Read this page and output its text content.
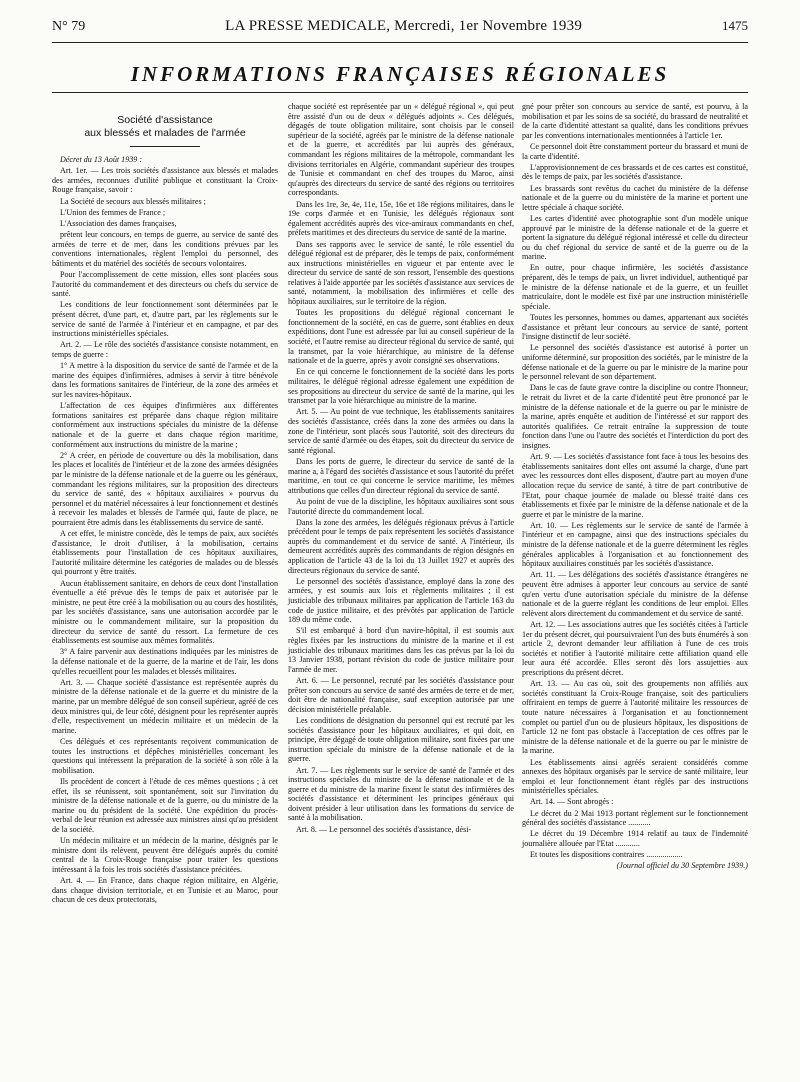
N° 79	LA PRESSE MEDICALE, Mercredi, 1er Novembre 1939	1475
INFORMATIONS FRANÇAISES RÉGIONALES
Société d'assistance
aux blessés et malades de l'armée

Décret du 13 Août 1939 :

Art. 1er. — Les trois sociétés d'assistance aux blessés et malades des armées, reconnues d'utilité publique et constituant la Croix-Rouge française, savoir :

La Société de secours aux blessés militaires ;

L'Union des femmes de France ;

L'Association des dames françaises,

prêtent leur concours, en temps de guerre, au service de santé des armées de terre et de mer, dans les conditions prévues par les conventions internationales, règlent l'emploi du personnel, des bâtiments et du matériel des sociétés de secours volontaires.

Pour l'accomplissement de cette mission, elles sont placées sous l'autorité du commandement et des directeurs ou chefs du service de santé.

Les conditions de leur fonctionnement sont déterminées par le présent décret, d'une part, et, d'autre part, par les règlements sur le service de santé de l'armée à l'intérieur et en campagne, et par des instructions ministérielles spéciales.

Art. 2. — Le rôle des sociétés d'assistance consiste notamment, en temps de guerre :

1° A mettre à la disposition du service de santé de l'armée et de la marine des équipes d'infirmières, admises à servir à titre bénévole dans les formations sanitaires de l'intérieur, de la zone des armées et sur les navires-hôpitaux.

L'affectation de ces équipes d'infirmières aux différentes formations sanitaires est préparée dans chaque région militaire conformément aux instructions spéciales du ministre de la défense nationale et de la guerre et dans chaque région maritime, conformément aux instructions du ministre de la marine ;

2° A créer, en période de couverture ou dès la mobilisation, dans les places et localités de l'intérieur et de la zone des armées désignées par le ministre de la défense nationale et de la guerre ou les généraux, commandant les régions militaires, sur la proposition des directeurs du service de santé, des « hôpitaux auxiliaires » pourvus du personnel et du matériel nécessaires à leur fonctionnement et destinés à recevoir les malades et blessés de l'armée qui, faute de place, ne pourraient être admis dans les établissements du service de santé.

A cet effet, le ministre concède, dès le temps de paix, aux sociétés d'assistance, le droit d'utiliser, à la mobilisation, certains établissements pour l'installation de ces hôpitaux auxiliaires, l'autorité militaire détermine les catégories de malades ou de blessés qui pourront y être traités.

Aucun établissement sanitaire, en dehors de ceux dont l'installation éventuelle a été prévue dès le temps de paix et autorisée par le ministre, ne peut être créé à la mobilisation ou au cours des hostilités, par les sociétés d'assistance, sans une autorisation accordée par le ministre ou le commandement militaire, sur la proposition du directeur du service de santé du ressort. La fermeture de ces établissements est soumise aux mêmes formalités.

3° A faire parvenir aux destinations indiquées par les ministres de la défense nationale et de la guerre, de la marine et de l'air, les dons qu'elles recueillent pour les malades et blessés militaires.

Art. 3. — Chaque société d'assistance est représentée auprès du ministre de la défense nationale et de la guerre et du ministre de la marine, par un membre délégué de son conseil supérieur, agréé de ces deux ministres qui, de leur côté, désignent pour les représenter auprès d'elle, respectivement un médecin militaire et un médecin de la marine.

Ces délégués et ces représentants reçoivent communication de toutes les instructions et dépêches ministérielles concernant les questions qui intéressent la préparation de la société à son rôle à la mobilisation.

Ils procèdent de concert à l'étude de ces mêmes questions ; à cet effet, ils se réunissent, soit spontanément, soit sur l'invitation du ministre de la défense nationale et de la guerre, ou du ministre de la marine ou du président de la société. Une expédition du procès-verbal de leur réunion est adressée aux ministres ainsi qu'au président de la société.

Un médecin militaire et un médecin de la marine, désignés par le ministre dont ils relèvent, peuvent être délégués auprès du comité central de la Croix-Rouge française pour traiter les questions intéressant à la fois les trois sociétés d'assistance précitées.

Art. 4. — En France, dans chaque région militaire, en Algérie, dans chaque division territoriale, et en Tunisie et au Maroc, pour chacun de ces deux protectorats,

chaque société est représentée par un « délégué régional », qui peut être assisté d'un ou de deux « délégués adjoints ». Ces délégués, dégagés de toute obligation militaire, sont choisis par le conseil supérieur de la société, agréés par le ministre de la défense nationale et de la guerre, et accrédités par lui auprès des généraux, commandant les régions militaires de la métropole, commandant les divisions territoriales en Algérie, commandant supérieur des troupes de Tunisie et commandant en chef des troupes du Maroc, ainsi qu'auprès des directeurs du service de santé des régions ou territoires correspondants.

Dans les 1re, 3e, 4e, 11e, 15e, 16e et 18e régions militaires, dans le 19e corps d'armée et en Tunisie, les délégués régionaux sont également accrédités auprès des vice-amiraux commandants en chef, préfets maritimes et des directeurs du service de santé de la marine.

Dans ses rapports avec le service de santé, le rôle essentiel du délégué régional est de préparer, dès le temps de paix, conformément aux instructions ministérielles en vigueur et par entente avec le directeur du service de santé de son ressort, l'ensemble des questions relatives à l'aide apportée par les sociétés d'assistance aux services de santé, notamment, la mobilisation des infirmières et celle des hôpitaux auxiliaires, sur le territoire de la région.

Toutes les propositions du délégué régional concernant le fonctionnement de la société, en cas de guerre, sont établies en deux expéditions, dont l'une est adressée par lui au conseil supérieur de la société, et l'autre remise au directeur régional du service de santé, qui la transmet, par la voie hiérarchique, au ministre de la défense nationale et de la guerre, après y avoir consigné ses observations.

En ce qui concerne le fonctionnement de la société dans les ports militaires, le délégué régional adresse également une expédition de ses propositions au directeur du service de santé de la marine, qui les transmet par la voie hiérarchique au ministre de la marine.

Art. 5. — Au point de vue technique, les établissements sanitaires des sociétés d'assistance, créés dans la zone des armées ou dans la zone de l'intérieur, sont placés sous l'autorité, soit des directeurs du service de santé d'armée ou des étapes, soit du directeur du service de santé régional.

Dans les ports de guerre, le directeur du service de santé de la marine a, à l'égard des sociétés d'assistance et sous l'autorité du préfet maritime, en tout ce qui concerne le service maritime, les mêmes attributions que celles d'un directeur régional du service de santé.

Au point de vue de la discipline, les hôpitaux auxiliaires sont sous l'autorité directe du commandement local.

Dans la zone des armées, les délégués régionaux prévus à l'article précédent pour le temps de paix représentent les sociétés d'assistance auprès du commandement et du service de santé. A l'intérieur, ils demeurent accrédités auprès des commandants de région désignés en application de l'article 43 de la loi du 13 Juillet 1927 et auprès des directeurs régionaux du service de santé.

Le personnel des sociétés d'assistance, employé dans la zone des armées, y est soumis aux lois et règlements militaires ; il est justiciable des tribunaux militaires par application de l'article 163 du code de justice militaire, et des prévôtés par application de l'article 189 du même code.

S'il est embarqué à bord d'un navire-hôpital, il est soumis aux règles fixées par les instructions du ministre de la marine et il est justiciable des tribunaux maritimes dans les cas prévus par la loi du 13 Janvier 1938, portant révision du code de justice militaire pour l'armée de mer.

Art. 6. — Le personnel, recruté par les sociétés d'assistance pour prêter son concours au service de santé des armées de terre et de mer, doit être de nationalité française, sauf exception autorisée par une décision ministérielle préalable.

Les conditions de désignation du personnel qui est recruté par les sociétés d'assistance pour les hôpitaux auxiliaires, et qui doit, en principe, être dégagé de toute obligation militaire, sont fixées par une instruction spéciale du ministre de la défense nationale et de la guerre.

Art. 7. — Les règlements sur le service de santé de l'armée et des instructions spéciales du ministre de la défense nationale et de la guerre et du ministre de la marine fixent le statut des infirmières des sociétés d'assistance et déterminent les principes généraux qui doivent présider à leur utilisation dans les formations du service de santé à la mobilisation.

Art. 8. — Le personnel des sociétés d'assistance, dési-

gné pour prêter son concours au service de santé, est pourvu, à la mobilisation et par les soins de sa société, du brassard de neutralité et de la carte d'identité attestant sa qualité, dans les conditions prévues par les conventions internationales mentionnées à l'article 1er.

Ce personnel doit être constamment porteur du brassard et muni de la carte d'identité.

L'approvisionnement de ces brassards et de ces cartes est constitué, dès le temps de paix, par les sociétés d'assistance.

Les brassards sont revêtus du cachet du ministère de la défense nationale et de la guerre ou du ministère de la marine et portent une lettre spéciale à chaque société.

Les cartes d'identité avec photographie sont d'un modèle unique approuvé par le ministre de la défense nationale et de la guerre et portent la signature du délégué régional intéressé et celle du directeur ou du chef régional du service de santé et de la guerre ou de la marine.

En outre, pour chaque infirmière, les sociétés d'assistance préparent, dès le temps de paix, un livret individuel, authentiqué par le ministre de la défense nationale et de la guerre, et un feuillet matriculaire, dont le modèle est fixé par une instruction ministérielle spéciale.

Toutes les personnes, hommes ou dames, appartenant aux sociétés d'assistance et prêtant leur concours au service de santé, portent l'insigne distinctif de leur société.

Le personnel des sociétés d'assistance est autorisé à porter un uniforme déterminé, sur proposition des sociétés, par le ministre de la défense nationale et de la guerre ou par le ministre de la marine pour le personnel relevant de son département.

Dans le cas de faute grave contre la discipline ou contre l'honneur, le retrait du livret et de la carte d'identité peut être prononcé par le ministre de la défense nationale et de la guerre ou par le ministre de la marine, après enquête et audition de l'intéressé et sur rapport des autorités qualifiées. Ce retrait entraîne la suppression de toute fonction dans l'une ou l'autre des sociétés et l'interdiction du port des insignes.

Art. 9. — Les sociétés d'assistance font face à tous les besoins des établissements sanitaires dont elles ont assumé la charge, d'une part avec les ressources dont elles disposent, d'autre part au moyen d'une allocation reçue du service de santé, à titre de part contributive de l'Etat, pour chaque journée de malade ou blessé traité dans ces établissements et fixée par le ministre de la défense nationale et de la guerre et par le ministre de la marine.

Art. 10. — Les règlements sur le service de santé de l'armée à l'intérieur et en campagne, ainsi que des instructions spéciales du ministre de la défense nationale et de la guerre déterminent les règles générales applicables à l'organisation et au fonctionnement des hôpitaux auxiliaires constitués par les sociétés d'assistance.

Art. 11. — Les délégations des sociétés d'assistance étrangères ne peuvent être admises à apporter leur concours au service de santé qu'en vertu d'une autorisation spéciale du ministre de la défense nationale et de la guerre réglant les conditions de leur emploi. Elles relèvent alors directement du commandement et du service de santé.

Art. 12. — Les associations autres que les sociétés citées à l'article 1er du présent décret, qui poursuivraient l'un des buts énumérés à son article 2, devront demander leur affiliation à l'une de ces trois sociétés et notifier à l'autorité militaire cette affiliation quand elle leur aura été accordée. Elles seront dès lors assujetties aux prescriptions du présent décret.

Art. 13. — Au cas où, soit des groupements non affiliés aux sociétés constituant la Croix-Rouge française, soit des particuliers offriraient en temps de guerre à l'autorité militaire les ressources de toute nature nécessaires à l'organisation et au fonctionnement complet ou partiel d'un ou de plusieurs hôpitaux, les dispositions de l'article 12 ne font pas obstacle à l'acceptation de ces offres par le ministre de la défense nationale et de la guerre ou par le ministre de la marine.

Les établissements ainsi agréés seraient considérés comme annexes des hôpitaux organisés par le service de santé militaire, leur emploi et leur fonctionnement étant réglés par des instructions ministérielles spéciales.

Art. 14. — Sont abrogés :

Le décret du 2 Mai 1913 portant règlement sur le fonctionnement général des sociétés d'assistance ...........

Le décret du 19 Décembre 1914 relatif au taux de l'indemnité journalière allouée par l'Etat ............

Et toutes les dispositions contraires ..................

(Journal officiel du 30 Septembre 1939.)
